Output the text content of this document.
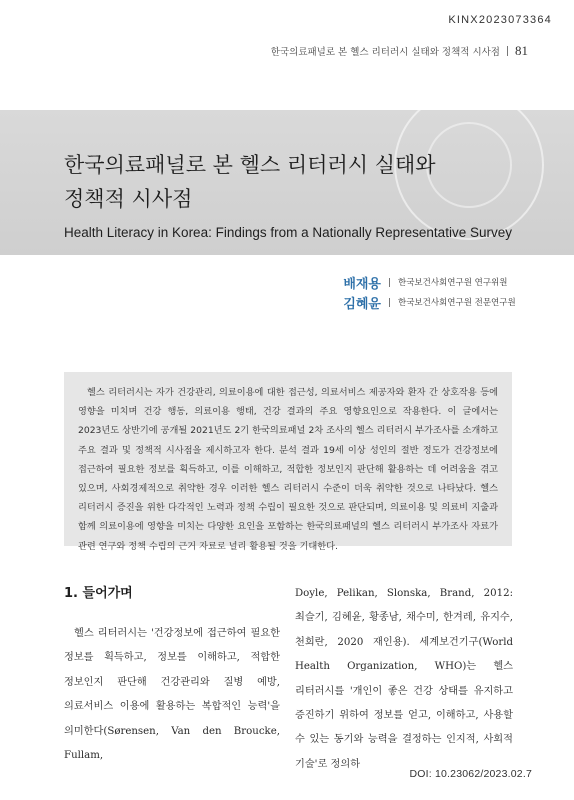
KINX2023073364
한국의료패널로 본 헬스 리터러시 실태와 정책적 시사점 81
한국의료패널로 본 헬스 리터러시 실태와
정책적 시사점
Health Literacy in Korea: Findings from a Nationally Representative Survey
배재용 한국보건사회연구원 연구위원
김혜윤 한국보건사회연구원 전문연구원

헬스 리터러시는 자가 건강관리, 의료이용에 대한 접근성, 의료서비스 제공자와 환자 간 상호작용 등에 영향을 미치며 건강 행동, 의료이용 행태, 건강 결과의 주요 영향요인으로 작용한다. 이 글에서는 2023년도 상반기에 공개될 2021년도 2기 한국의료패널 2차 조사의 헬스 리터러시 부가조사를 소개하고 주요 결과 및 정책적 시사점을 제시하고자 한다. 분석 결과 19세 이상 성인의 절반 정도가 건강정보에 접근하여 필요한 정보를 획득하고, 이를 이해하고, 적합한 정보인지 판단해 활용하는 데 어려움을 겪고 있으며, 사회경제적으로 취약한 경우 이러한 헬스 리터러시 수준이 더욱 취약한 것으로 나타났다. 헬스 리터러시 증진을 위한 다각적인 노력과 정책 수립이 필요한 것으로 판단되며, 의료이용 및 의료비 지출과 함께 의료이용에 영향을 미치는 다양한 요인을 포함하는 한국의료패널의 헬스 리터러시 부가조사 자료가 관련 연구와 정책 수립의 근거 자료로 널리 활용될 것을 기대한다.

1. 들어가며

헬스 리터러시는 '건강정보에 접근하여 필요한 정보를 획득하고, 정보를 이해하고, 적합한 정보인지 판단해 건강관리와 질병 예방, 의료서비스 이용에 활용하는 복합적인 능력'을 의미한다(Sørensen, Van den Broucke, Fullam,

Doyle, Pelikan, Slonska, Brand, 2012: 최슬기, 김혜윤, 황종남, 채수미, 한겨레, 유지수, 천희란, 2020 재인용). 세계보건기구(World Health Organization, WHO)는 헬스 리터러시를 '개인이 좋은 건강 상태를 유지하고 증진하기 위하여 정보를 얻고, 이해하고, 사용할 수 있는 동기와 능력을 결정하는 인지적, 사회적 기술'로 정의하

DOI: 10.23062/2023.02.7
